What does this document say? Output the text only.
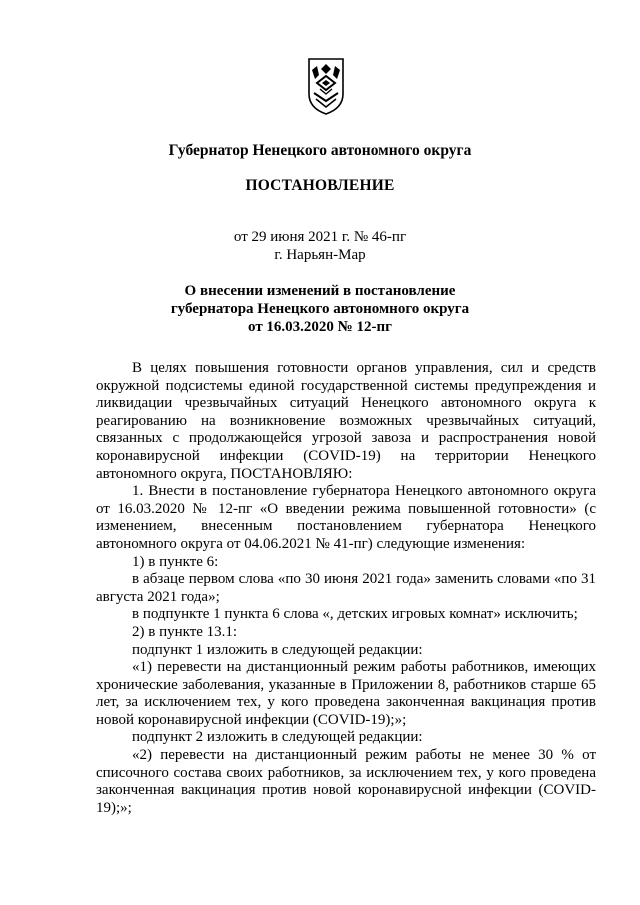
Губернатор Ненецкого автономного округа
ПОСТАНОВЛЕНИЕ
от 29 июня 2021 г. № 46-пг
г. Нарьян-Мар
О внесении изменений в постановление
губернатора Ненецкого автономного округа
от 16.03.2020 № 12-пг

В целях повышения готовности органов управления, сил и средств окружной подсистемы единой государственной системы предупреждения и ликвидации чрезвычайных ситуаций Ненецкого автономного округа к реагированию на возникновение возможных чрезвычайных ситуаций, связанных с продолжающейся угрозой завоза и распространения новой коронавирусной инфекции (COVID-19) на территории Ненецкого автономного округа, ПОСТАНОВЛЯЮ:

1. Внести в постановление губернатора Ненецкого автономного округа от 16.03.2020 № 12-пг «О введении режима повышенной готовности» (с изменением, внесенным постановлением губернатора Ненецкого автономного округа от 04.06.2021 № 41-пг) следующие изменения:

1) в пункте 6:

в абзаце первом слова «по 30 июня 2021 года» заменить словами «по 31 августа 2021 года»;

в подпункте 1 пункта 6 слова «, детских игровых комнат» исключить;

2) в пункте 13.1:

подпункт 1 изложить в следующей редакции:

«1) перевести на дистанционный режим работы работников, имеющих хронические заболевания, указанные в Приложении 8, работников старше 65 лет, за исключением тех, у кого проведена законченная вакцинация против новой коронавирусной инфекции (COVID-19);»;

подпункт 2 изложить в следующей редакции:

«2) перевести на дистанционный режим работы не менее 30 % от списочного состава своих работников, за исключением тех, у кого проведена законченная вакцинация против новой коронавирусной инфекции (COVID-19);»;
